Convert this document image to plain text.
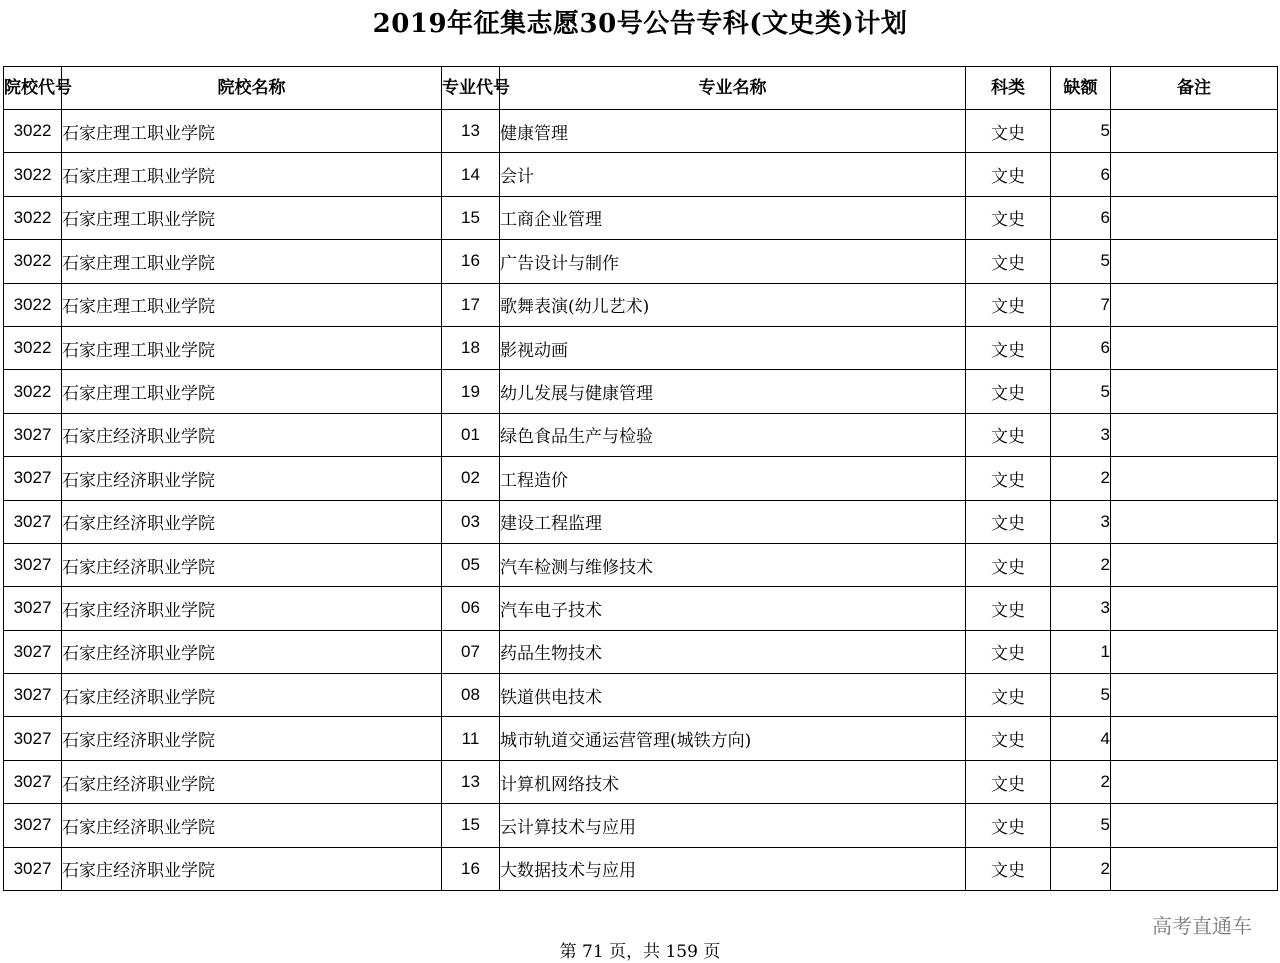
2019年征集志愿30号公告专科(文史类)计划
院校代号	院校名称	专业代号	专业名称	科类	缺额	备注
3022	石家庄理工职业学院	13	健康管理	文史	5	
3022	石家庄理工职业学院	14	会计	文史	6	
3022	石家庄理工职业学院	15	工商企业管理	文史	6	
3022	石家庄理工职业学院	16	广告设计与制作	文史	5	
3022	石家庄理工职业学院	17	歌舞表演(幼儿艺术)	文史	7	
3022	石家庄理工职业学院	18	影视动画	文史	6	
3022	石家庄理工职业学院	19	幼儿发展与健康管理	文史	5	
3027	石家庄经济职业学院	01	绿色食品生产与检验	文史	3	
3027	石家庄经济职业学院	02	工程造价	文史	2	
3027	石家庄经济职业学院	03	建设工程监理	文史	3	
3027	石家庄经济职业学院	05	汽车检测与维修技术	文史	2	
3027	石家庄经济职业学院	06	汽车电子技术	文史	3	
3027	石家庄经济职业学院	07	药品生物技术	文史	1	
3027	石家庄经济职业学院	08	铁道供电技术	文史	5	
3027	石家庄经济职业学院	11	城市轨道交通运营管理(城铁方向)	文史	4	
3027	石家庄经济职业学院	13	计算机网络技术	文史	2	
3027	石家庄经济职业学院	15	云计算技术与应用	文史	5	
3027	石家庄经济职业学院	16	大数据技术与应用	文史	2	
高考直通车
第 71 页，共 159 页
